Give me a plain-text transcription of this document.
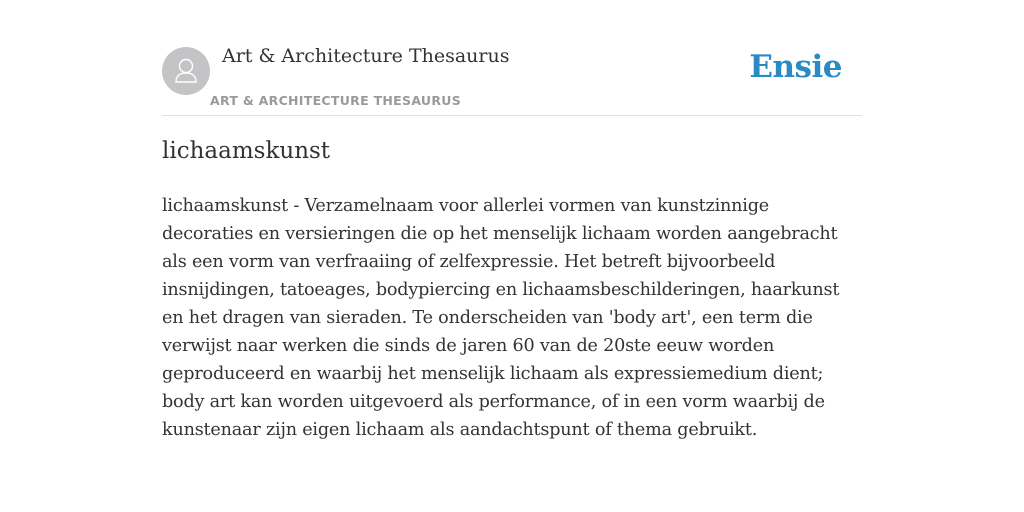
Art & Architecture Thesaurus
ART & ARCHITECTURE THESAURUS
Ensie
lichaamskunst

lichaamskunst - Verzamelnaam voor allerlei vormen van kunstzinnige decoraties en versieringen die op het menselijk lichaam worden aangebracht als een vorm van verfraaiing of zelfexpressie. Het betreft bijvoorbeeld insnijdingen, tatoeages, bodypiercing en lichaamsbeschilderingen, haarkunst en het dragen van sieraden. Te onderscheiden van 'body art', een term die verwijst naar werken die sinds de jaren 60 van de 20ste eeuw worden geproduceerd en waarbij het menselijk lichaam als expressiemedium dient; body art kan worden uitgevoerd als performance, of in een vorm waarbij de kunstenaar zijn eigen lichaam als aandachtspunt of thema gebruikt.
